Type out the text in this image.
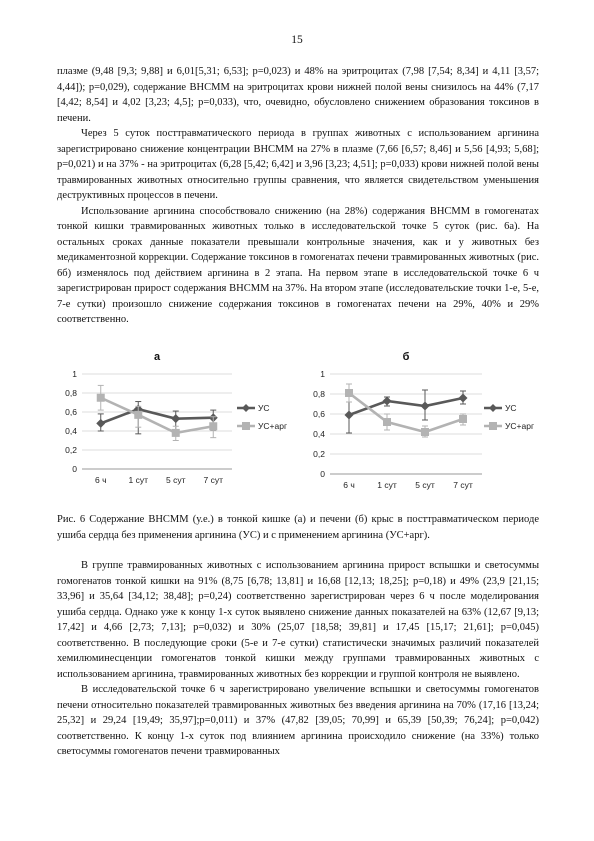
15

плазме (9,48 [9,3; 9,88] и 6,01[5,31; 6,53]; p=0,023) и 48% на эритроцитах (7,98 [7,54; 8,34] и 4,11 [3,57; 4,44]); p=0,029), содержание ВНСММ на эритроцитах крови нижней полой вены снизилось на 44% (7,17 [4,42; 8,54] и 4,02 [3,23; 4,5]; p=0,033), что, очевидно, обусловлено снижением образования токсинов в печени.

Через 5 суток посттравматического периода в группах животных с использованием аргинина зарегистрировано снижение концентрации ВНСММ на 27% в плазме (7,66 [6,57; 8,46] и 5,56 [4,93; 5,68]; p=0,021) и на 37% - на эритроцитах (6,28 [5,42; 6,42] и 3,96 [3,23; 4,51]; p=0,033) крови нижней полой вены травмированных животных относительно группы сравнения, что является свидетельством уменьшения деструктивных процессов в печени.

Использование аргинина способствовало снижению (на 28%) содержания ВНСММ в гомогенатах тонкой кишки травмированных животных только в исследовательской точке 5 суток (рис. 6а). На остальных сроках данные показатели превышали контрольные значения, как и у животных без медикаментозной коррекции. Содержание токсинов в гомогенатах печени травмированных животных (рис. 6б) изменялось под действием аргинина в 2 этапа. На первом этапе в исследовательской точке 6 ч зарегистрирован прирост содержания ВНСММ на 37%. На втором этапе (исследовательские точки 1-е, 5-е, 7-е сутки) произошло снижение содержания токсинов в гомогенатах печени на 29%, 40% и 29% соответственно.

а
0
0,2
0,4
0,6
0,8
1
6 ч	1 сут 5 сут 7 сут
УС
УС+арг
б
0
0,2
0,4
0,6
0,8
1
6 ч	1 сут 5 сут 7 сут
УС
УС+арг
Рис. 6 Содержание ВНСММ (у.е.) в тонкой кишке (а) и печени (б) крыс в посттравматическом периоде ушиба сердца без применения аргинина (УС) и с применением аргинина (УС+арг).

В группе травмированных животных с использованием аргинина прирост вспышки и светосуммы гомогенатов тонкой кишки на 91% (8,75 [6,78; 13,81] и 16,68 [12,13; 18,25]; p=0,18) и 49% (23,9 [21,15; 33,96] и 35,64 [34,12; 38,48]; p=0,24) соответственно зарегистрирован через 6 ч после моделирования ушиба сердца. Однако уже к концу 1-х суток выявлено снижение данных показателей на 63% (12,67 [9,13; 17,42] и 4,66 [2,73; 7,13]; p=0,032) и 30% (25,07 [18,58; 39,81] и 17,45 [15,17; 21,61]; p=0,045) соответственно. В последующие сроки (5-е и 7-е сутки) статистически значимых различий показателей хемилюминесценции гомогенатов тонкой кишки между группами травмированных животных с использованием аргинина, травмированных животных без коррекции и группой контроля не выявлено.

В исследовательской точке 6 ч зарегистрировано увеличение вспышки и светосуммы гомогенатов печени относительно показателей травмированных животных без введения аргинина на 70% (17,16 [13,24; 25,32] и 29,24 [19,49; 35,97];p=0,011) и 37% (47,82 [39,05; 70,99] и 65,39 [50,39; 76,24]; p=0,042) соответственно. К концу 1-х суток под влиянием аргинина происходило снижение (на 33%) только светосуммы гомогенатов печени травмированных
